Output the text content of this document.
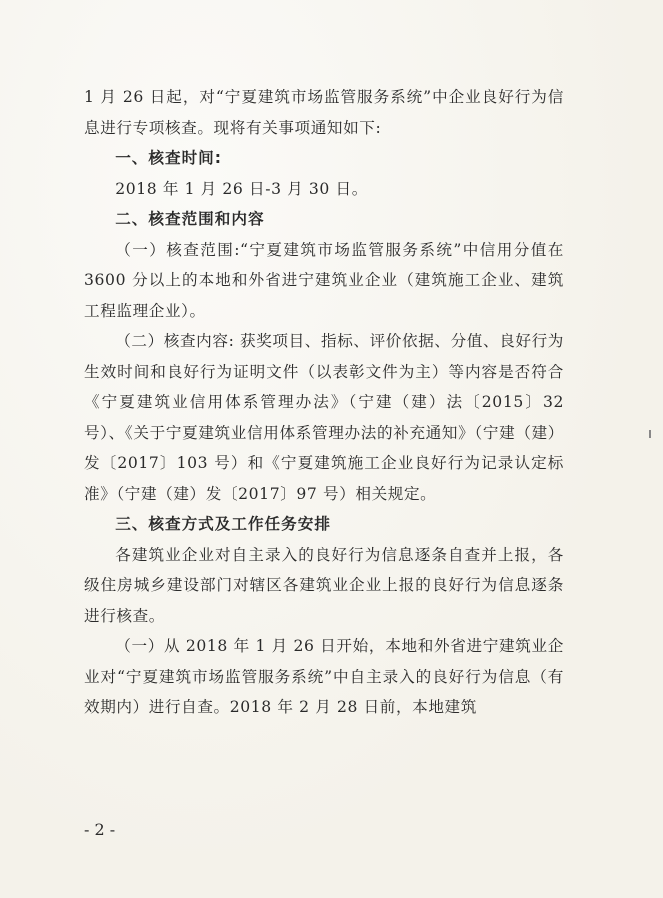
1 月 26 日起，对“宁夏建筑市场监管服务系统”中企业良好行为信息进行专项核查。现将有关事项通知如下:

一、核查时间:

2018 年 1 月 26 日-3 月 30 日。

二、核查范围和内容

（一）核查范围:“宁夏建筑市场监管服务系统”中信用分值在 3600 分以上的本地和外省进宁建筑业企业（建筑施工企业、建筑工程监理企业）。

（二）核查内容: 获奖项目、指标、评价依据、分值、良好行为生效时间和良好行为证明文件（以表彰文件为主）等内容是否符合《宁夏建筑业信用体系管理办法》（宁建（建）法〔2015〕32 号）、《关于宁夏建筑业信用体系管理办法的补充通知》（宁建（建）发〔2017〕103 号）和《宁夏建筑施工企业良好行为记录认定标准》（宁建（建）发〔2017〕97 号）相关规定。

三、核查方式及工作任务安排

各建筑业企业对自主录入的良好行为信息逐条自查并上报，各级住房城乡建设部门对辖区各建筑业企业上报的良好行为信息逐条进行核查。

（一）从 2018 年 1 月 26 日开始，本地和外省进宁建筑业企业对“宁夏建筑市场监管服务系统”中自主录入的良好行为信息（有效期内）进行自查。2018 年 2 月 28 日前，本地建筑

- 2 -
